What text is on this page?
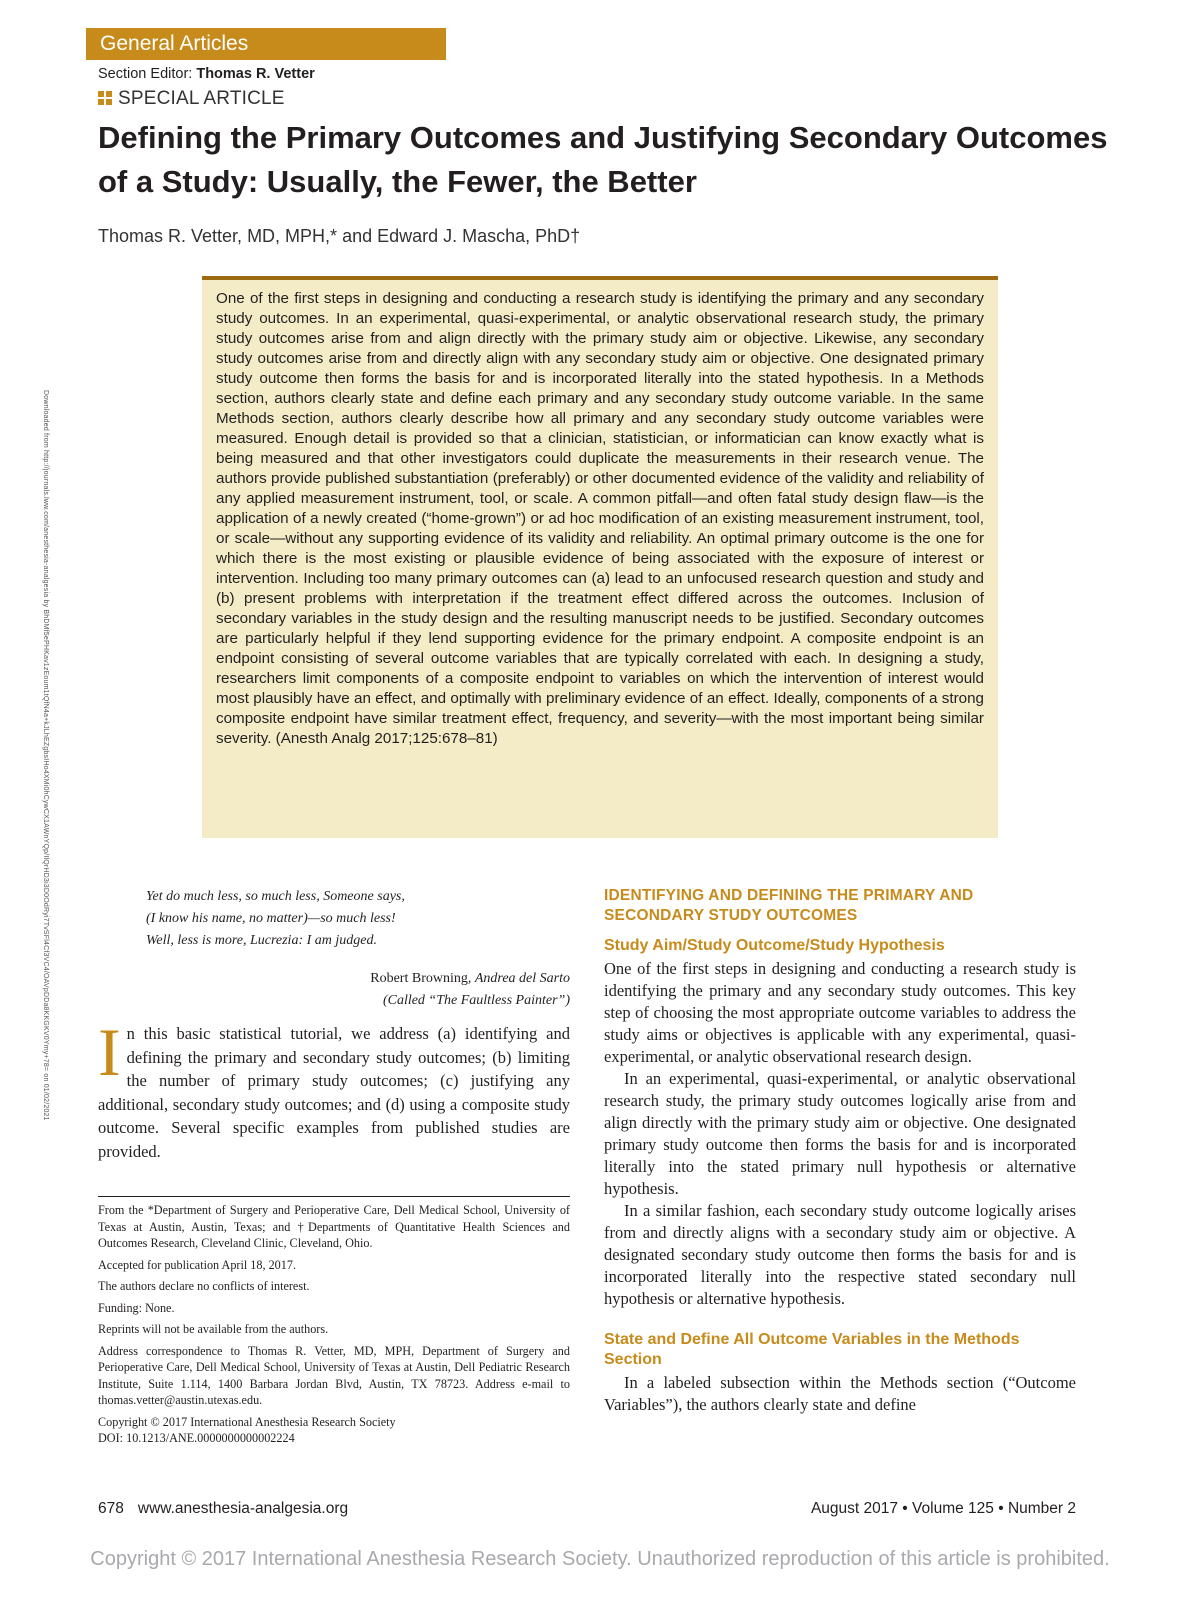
General Articles
Section Editor: Thomas R. Vetter
SPECIAL ARTICLE
Defining the Primary Outcomes and Justifying Secondary Outcomes of a Study: Usually, the Fewer, the Better
Thomas R. Vetter, MD, MPH,* and Edward J. Mascha, PhD†
One of the first steps in designing and conducting a research study is identifying the primary and any secondary study outcomes. In an experimental, quasi-experimental, or analytic observational research study, the primary study outcomes arise from and align directly with the primary study aim or objective. Likewise, any secondary study outcomes arise from and directly align with any secondary study aim or objective. One designated primary study outcome then forms the basis for and is incorporated literally into the stated hypothesis. In a Methods section, authors clearly state and define each primary and any secondary study outcome variable. In the same Methods section, authors clearly describe how all primary and any secondary study outcome variables were measured. Enough detail is provided so that a clinician, statistician, or informatician can know exactly what is being measured and that other investigators could duplicate the measurements in their research venue. The authors provide published substantiation (preferably) or other documented evidence of the validity and reliability of any applied measurement instrument, tool, or scale. A common pitfall—and often fatal study design flaw—is the application of a newly created (“home-grown”) or ad hoc modification of an existing measurement instrument, tool, or scale—without any supporting evidence of its validity and reliability. An optimal primary outcome is the one for which there is the most existing or plausible evidence of being associated with the exposure of interest or intervention. Including too many primary outcomes can (a) lead to an unfocused research question and study and (b) present problems with interpretation if the treatment effect differed across the outcomes. Inclusion of secondary variables in the study design and the resulting manuscript needs to be justified. Secondary outcomes are particularly helpful if they lend supporting evidence for the primary endpoint. A composite endpoint is an endpoint consisting of several outcome variables that are typically correlated with each. In designing a study, researchers limit components of a composite endpoint to variables on which the intervention of interest would most plausibly have an effect, and optimally with preliminary evidence of an effect. Ideally, components of a strong composite endpoint have similar treatment effect, frequency, and severity—with the most important being similar severity. (Anesth Analg 2017;125:678–81)
Downloaded from http://journals.lww.com/anesthesia-analgesia by BhDMf5ePHKav1zEoum1tQfN4a+kJLhEZgbsIHo4XMi0hCywCX1AWnYQp/IlQrHD3i3D0OdRyi7TvSFl4Cf3VC4/OAVpDDa8KKGKV0Ymy+78= on 01/02/2021	Yet do much less, so much less, Someone says,

(I know his name, no matter)—so much less!

Well, less is more, Lucrezia: I am judged.

Robert Browning, Andrea del Sarto
(Called “The Faultless Painter”)
In this basic statistical tutorial, we address (a) identifying and defining the primary and secondary study outcomes; (b) limiting the number of primary study outcomes; (c) justifying any additional, secondary study outcomes; and (d) using a composite study outcome. Several specific examples from published studies are provided.

From the *Department of Surgery and Perioperative Care, Dell Medical School, University of Texas at Austin, Austin, Texas; and †Departments of Quantitative Health Sciences and Outcomes Research, Cleveland Clinic, Cleveland, Ohio.

Accepted for publication April 18, 2017.

The authors declare no conflicts of interest.

Funding: None.

Reprints will not be available from the authors.

Address correspondence to Thomas R. Vetter, MD, MPH, Department of Surgery and Perioperative Care, Dell Medical School, University of Texas at Austin, Dell Pediatric Research Institute, Suite 1.114, 1400 Barbara Jordan Blvd, Austin, TX 78723. Address e-mail to thomas.vetter@austin.utexas.edu.

Copyright © 2017 International Anesthesia Research Society
DOI: 10.1213/ANE.0000000000002224

IDENTIFYING AND DEFINING THE PRIMARY AND SECONDARY STUDY OUTCOMES
Study Aim/Study Outcome/Study Hypothesis

One of the first steps in designing and conducting a research study is identifying the primary and any secondary study outcomes. This key step of choosing the most appropriate outcome variables to address the study aims or objectives is applicable with any experimental, quasi-experimental, or analytic observational research design.

In an experimental, quasi-experimental, or analytic observational research study, the primary study outcomes logically arise from and align directly with the primary study aim or objective. One designated primary study outcome then forms the basis for and is incorporated literally into the stated primary null hypothesis or alternative hypothesis.

In a similar fashion, each secondary study outcome logically arises from and directly aligns with a secondary study aim or objective. A designated secondary study outcome then forms the basis for and is incorporated literally into the respective stated secondary null hypothesis or alternative hypothesis.

State and Define All Outcome Variables in the Methods Section

In a labeled subsection within the Methods section (“Outcome Variables”), the authors clearly state and define

678 www.anesthesia-analgesia.org	August 2017 • Volume 125 • Number 2
Copyright © 2017 International Anesthesia Research Society. Unauthorized reproduction of this article is prohibited.
